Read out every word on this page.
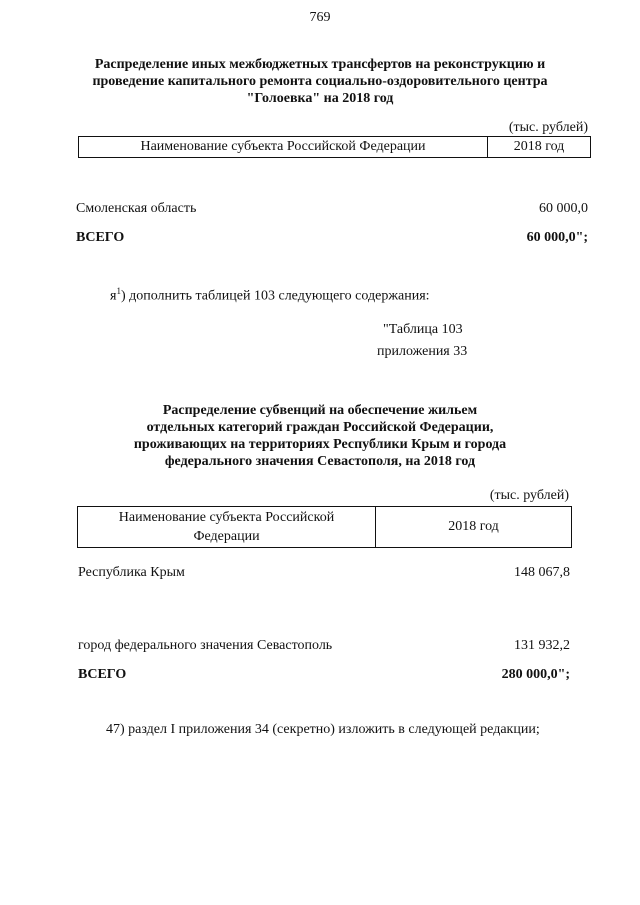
769
Распределение иных межбюджетных трансфертов на реконструкцию и
проведение капитального ремонта социально-оздоровительного центра
"Голоевка" на 2018 год
(тыс. рублей)
Наименование субъекта Российской Федерации	2018 год
Смоленская область	60 000,0
ВСЕГО	60 000,0";
$я^1$) дополнить таблицей 103 следующего содержания:
"Таблица 103
приложения 33
Распределение субвенций на обеспечение жильем
отдельных категорий граждан Российской Федерации,
проживающих на территориях Республики Крым и города
федерального значения Севастополя, на 2018 год
(тыс. рублей)
Наименование субъекта Российской
Федерации	2018 год
Республика Крым	148 067,8
город федерального значения Севастополь	131 932,2
ВСЕГО	280 000,0";
47) раздел I приложения 34 (секретно) изложить в следующей редакции;
